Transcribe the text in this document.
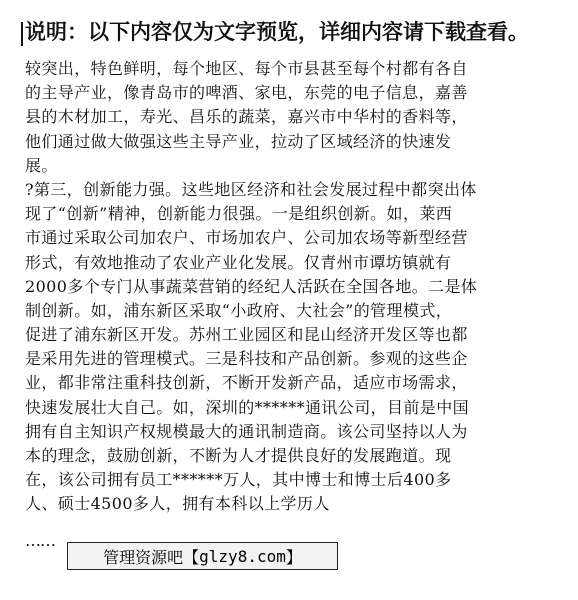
说明：以下内容仅为文字预览，详细内容请下载查看。
较突出，特色鲜明，每个地区、每个市县甚至每个村都有各自
的主导产业，像青岛市的啤酒、家电，东莞的电子信息，嘉善
县的木材加工，寿光、昌乐的蔬菜，嘉兴市中华村的香料等，
他们通过做大做强这些主导产业，拉动了区域经济的快速发
展。
?第三，创新能力强。这些地区经济和社会发展过程中都突出体
现了“创新”精神，创新能力很强。一是组织创新。如，莱西
市通过采取公司加农户、市场加农户、公司加农场等新型经营
形式，有效地推动了农业产业化发展。仅青州市谭坊镇就有
2000多个专门从事蔬菜营销的经纪人活跃在全国各地。二是体
制创新。如，浦东新区采取“小政府、大社会”的管理模式，
促进了浦东新区开发。苏州工业园区和昆山经济开发区等也都
是采用先进的管理模式。三是科技和产品创新。参观的这些企
业，都非常注重科技创新，不断开发新产品，适应市场需求，
快速发展壮大自己。如，深圳的******通讯公司，目前是中国
拥有自主知识产权规模最大的通讯制造商。该公司坚持以人为
本的理念，鼓励创新，不断为人才提供良好的发展跑道。现
在，该公司拥有员工******万人，其中博士和博士后400多
人、硕士4500多人，拥有本科以上学历人
……
管理资源吧 【 glzy8.com 】
